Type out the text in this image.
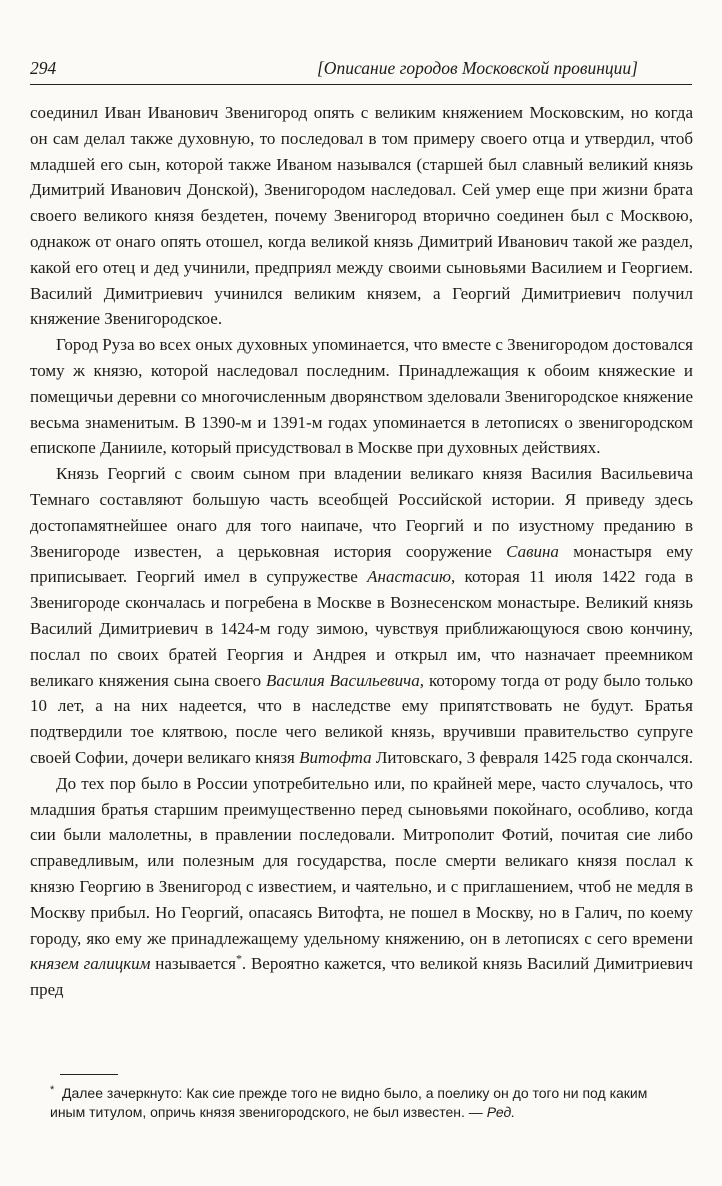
294	[Описание городов Московской провинции]

соединил Иван Иванович Звенигород опять с великим княжением Московским, но когда он сам делал также духовную, то последовал в том примеру своего отца и утвердил, чтоб младшей его сын, которой также Иваном назывался (старшей был славный великий князь Димитрий Иванович Донской), Звенигородом наследовал. Сей умер еще при жизни брата своего великого князя бездетен, почему Звенигород вторично соединен был с Москвою, однакож от онаго опять отошел, когда великой князь Димитрий Иванович такой же раздел, какой его отец и дед учинили, предприял между своими сыновьями Василием и Георгием. Василий Димитриевич учинился великим князем, а Георгий Димитриевич получил княжение Звенигородское.

Город Руза во всех оных духовных упоминается, что вместе с Звенигородом достовался тому ж князю, которой наследовал последним. Принадлежащия к обоим княжеские и помещичьи деревни со многочисленным дворянством зделовали Звенигородское княжение весьма знаменитым. В 1390-м и 1391-м годах упоминается в летописях о звенигородском епископе Данииле, который присудствовал в Москве при духовных действиях.

Князь Георгий с своим сыном при владении великаго князя Василия Васильевича Темнаго составляют большую часть всеобщей Российской истории. Я приведу здесь достопамятнейшее онаго для того наипаче, что Георгий и по изустному преданию в Звенигороде известен, а церьковная история сооружение Савина монастыря ему приписывает. Георгий имел в супружестве Анастасию, которая 11 июля 1422 года в Звенигороде скончалась и погребена в Москве в Вознесенском монастыре. Великий князь Василий Димитриевич в 1424-м году зимою, чувствуя приближающуюся свою кончину, послал по своих братей Георгия и Андрея и открыл им, что назначает преемником великаго княжения сына своего Василия Васильевича, которому тогда от роду было только 10 лет, а на них надеется, что в наследстве ему припятствовать не будут. Братья подтвердили тое клятвою, после чего великой князь, вручивши правительство супруге своей Софии, дочери великаго князя Витофта Литовскаго, 3 февраля 1425 года скончался.

До тех пор было в России употребительно или, по крайней мере, часто случалось, что младшия братья старшим преимущественно перед сыновьями покойнаго, особливо, когда сии были малолетны, в правлении последовали. Митрополит Фотий, почитая сие либо справедливым, или полезным для государства, после смерти великаго князя послал к князю Георгию в Звенигород с известием, и чаятельно, и с приглашением, чтоб не медля в Москву прибыл. Но Георгий, опасаясь Витофта, не пошел в Москву, но в Галич, по коему городу, яко ему же принадлежащему удельному княжению, он в летописях с сего времени князем галицким называется*. Вероятно кажется, что великой князь Василий Димитриевич пред

* Далее зачеркнуто: Как сие прежде того не видно было, а поелику он до того ни под каким иным титулом, опричь князя звенигородского, не был известен. — Ред.
